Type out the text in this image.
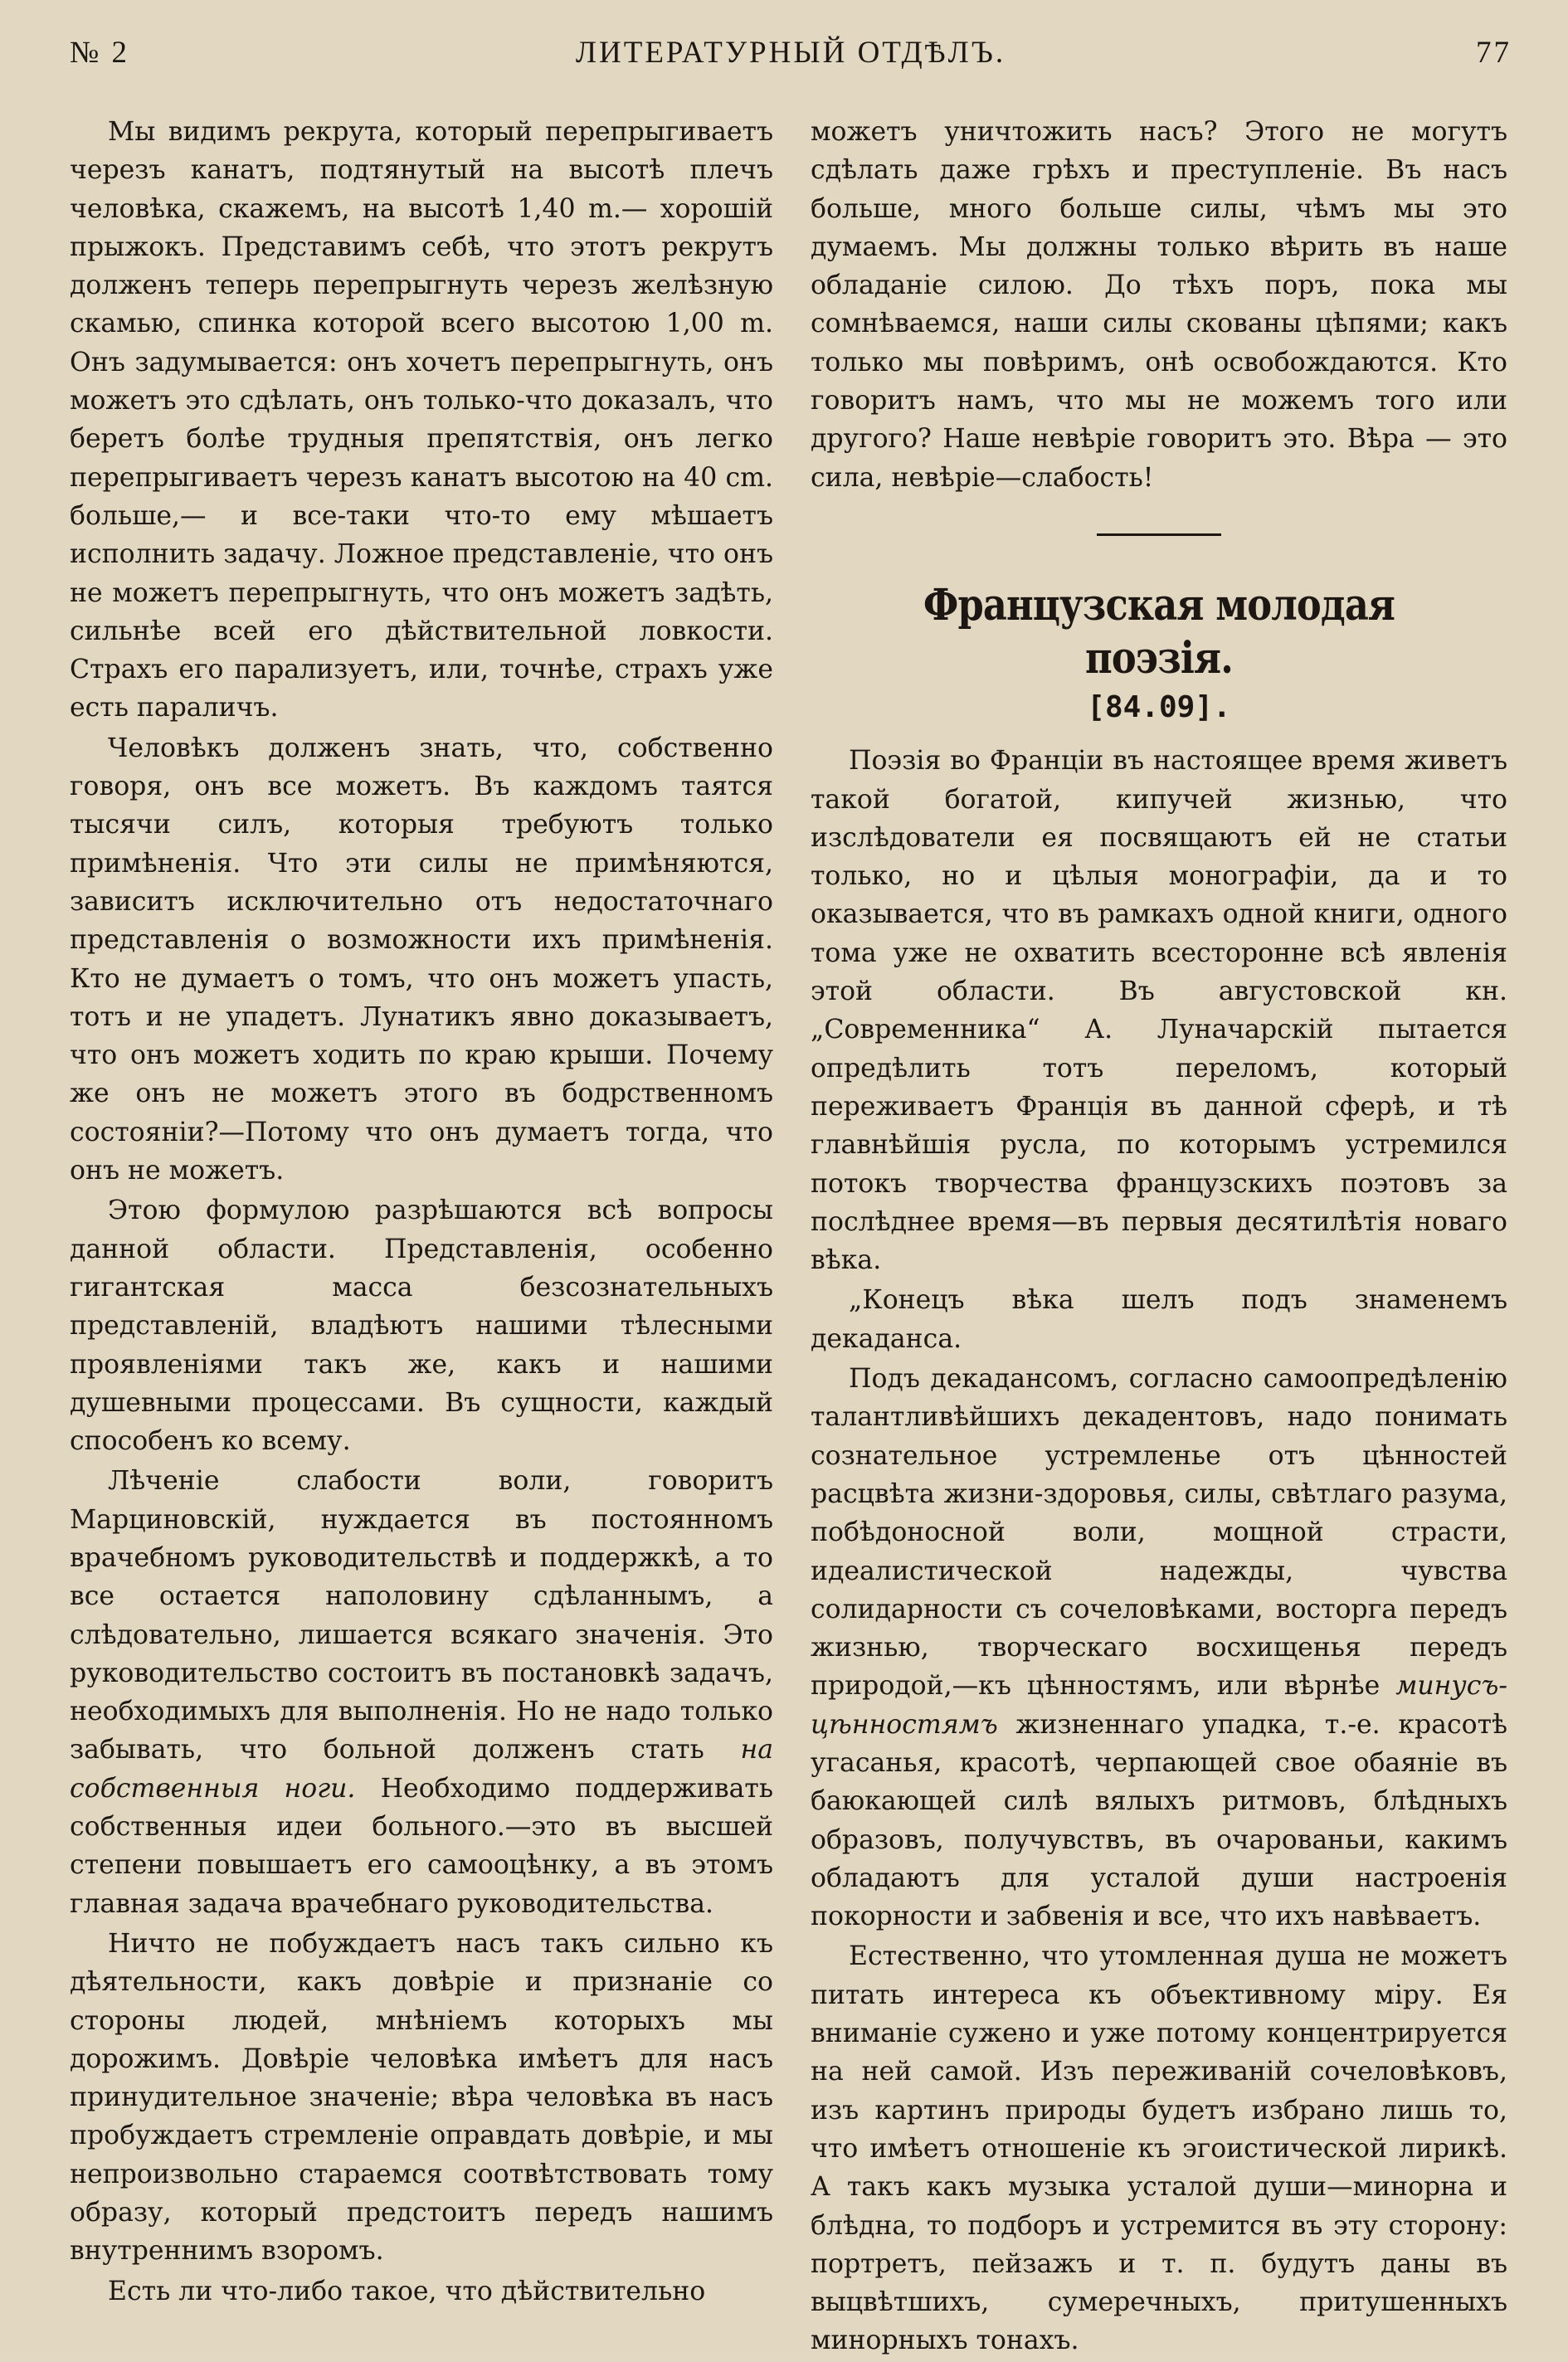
№ 2	ЛИТЕРАТУРНЫЙ ОТДѢЛЪ.	77

Мы видимъ рекрута, который перепрыгиваетъ черезъ канатъ, подтянутый на высотѣ плечъ человѣка, скажемъ, на высотѣ 1,40 m.— хорошій прыжокъ. Представимъ себѣ, что этотъ рекрутъ долженъ теперь перепрыгнуть черезъ желѣзную скамью, спинка которой всего высотою 1,00 m. Онъ задумывается: онъ хочетъ перепрыгнуть, онъ можетъ это сдѣлать, онъ только-что доказалъ, что беретъ болѣе трудныя препятствія, онъ легко перепрыгиваетъ черезъ канатъ высотою на 40 cm. больше,— и все-таки что-то ему мѣшаетъ исполнить задачу. Ложное представленіе, что онъ не можетъ перепрыгнуть, что онъ можетъ задѣть, сильнѣе всей его дѣйствительной ловкости. Страхъ его парализуетъ, или, точнѣе, страхъ уже есть параличъ.

Человѣкъ долженъ знать, что, собственно говоря, онъ все можетъ. Въ каждомъ таятся тысячи силъ, которыя требуютъ только примѣненія. Что эти силы не примѣняются, зависитъ исключительно отъ недостаточнаго представленія о возможности ихъ примѣненія. Кто не думаетъ о томъ, что онъ можетъ упасть, тотъ и не упадетъ. Лунатикъ явно доказываетъ, что онъ можетъ ходить по краю крыши. Почему же онъ не можетъ этого въ бодрственномъ состояніи?—Потому что онъ думаетъ тогда, что онъ не можетъ.

Этою формулою разрѣшаются всѣ вопросы данной области. Представленія, особенно гигантская масса безсознательныхъ представленій, владѣютъ нашими тѣлесными проявленіями такъ же, какъ и нашими душевными процессами. Въ сущности, каждый способенъ ко всему.

Лѣченіе слабости воли, говоритъ Марциновскій, нуждается въ постоянномъ врачебномъ руководительствѣ и поддержкѣ, а то все остается наполовину сдѣланнымъ, а слѣдовательно, лишается всякаго значенія. Это руководительство состоитъ въ постановкѣ задачъ, необходимыхъ для выполненія. Но не надо только забывать, что больной долженъ стать на собственныя ноги. Необходимо поддерживать собственныя идеи больного.—это въ высшей степени повышаетъ его самооцѣнку, а въ этомъ главная задача врачебнаго руководительства.

Ничто не побуждаетъ насъ такъ сильно къ дѣятельности, какъ довѣріе и признаніе со стороны людей, мнѣніемъ которыхъ мы дорожимъ. Довѣріе человѣка имѣетъ для насъ принудительное значеніе; вѣра человѣка въ насъ пробуждаетъ стремленіе оправдать довѣріе, и мы непроизвольно стараемся соотвѣтствовать тому образу, который предстоитъ передъ нашимъ внутреннимъ взоромъ.

Есть ли что-либо такое, что дѣйствительно

можетъ уничтожить насъ? Этого не могутъ сдѣлать даже грѣхъ и преступленіе. Въ насъ больше, много больше силы, чѣмъ мы это думаемъ. Мы должны только вѣрить въ наше обладаніе силою. До тѣхъ поръ, пока мы сомнѣваемся, наши силы скованы цѣпями; какъ только мы повѣримъ, онѣ освобождаются. Кто говоритъ намъ, что мы не можемъ того или другого? Наше невѣріе говоритъ это. Вѣра — это сила, невѣріе—слабость!

Французская молодая поэзія.
[84.09].

Поэзія во Франціи въ настоящее время живетъ такой богатой, кипучей жизнью, что изслѣдователи ея посвящаютъ ей не статьи только, но и цѣлыя монографіи, да и то оказывается, что въ рамкахъ одной книги, одного тома уже не охватить всесторонне всѣ явленія этой области. Въ августовской кн. „Современника“ А. Луначарскій пытается опредѣлить тотъ переломъ, который переживаетъ Франція въ данной сферѣ, и тѣ главнѣйшія русла, по которымъ устремился потокъ творчества французскихъ поэтовъ за послѣднее время—въ первыя десятилѣтія новаго вѣка.

„Конецъ вѣка шелъ подъ знаменемъ декаданса.

Подъ декадансомъ, согласно самоопредѣленію талантливѣйшихъ декадентовъ, надо понимать сознательное устремленье отъ цѣнностей расцвѣта жизни-здоровья, силы, свѣтлаго разума, побѣдоносной воли, мощной страсти, идеалистической надежды, чувства солидарности съ сочеловѣками, восторга передъ жизнью, творческаго восхищенья передъ природой,—къ цѣнностямъ, или вѣрнѣе минусъ-цѣнностямъ жизненнаго упадка, т.-е. красотѣ угасанья, красотѣ, черпающей свое обаяніе въ баюкающей силѣ вялыхъ ритмовъ, блѣдныхъ образовъ, получувствъ, въ очарованьи, какимъ обладаютъ для усталой души настроенія покорности и забвенія и все, что ихъ навѣваетъ.

Естественно, что утомленная душа не можетъ питать интереса къ объективному міру. Ея вниманіе сужено и уже потому концентрируется на ней самой. Изъ переживаній сочеловѣковъ, изъ картинъ природы будетъ избрано лишь то, что имѣетъ отношеніе къ эгоистической лирикѣ. А такъ какъ музыка усталой души—минорна и блѣдна, то подборъ и устремится въ эту сторону: портретъ, пейзажъ и т. п. будутъ даны въ выцвѣтшихъ, сумеречныхъ, притушенныхъ минорныхъ тонахъ.
